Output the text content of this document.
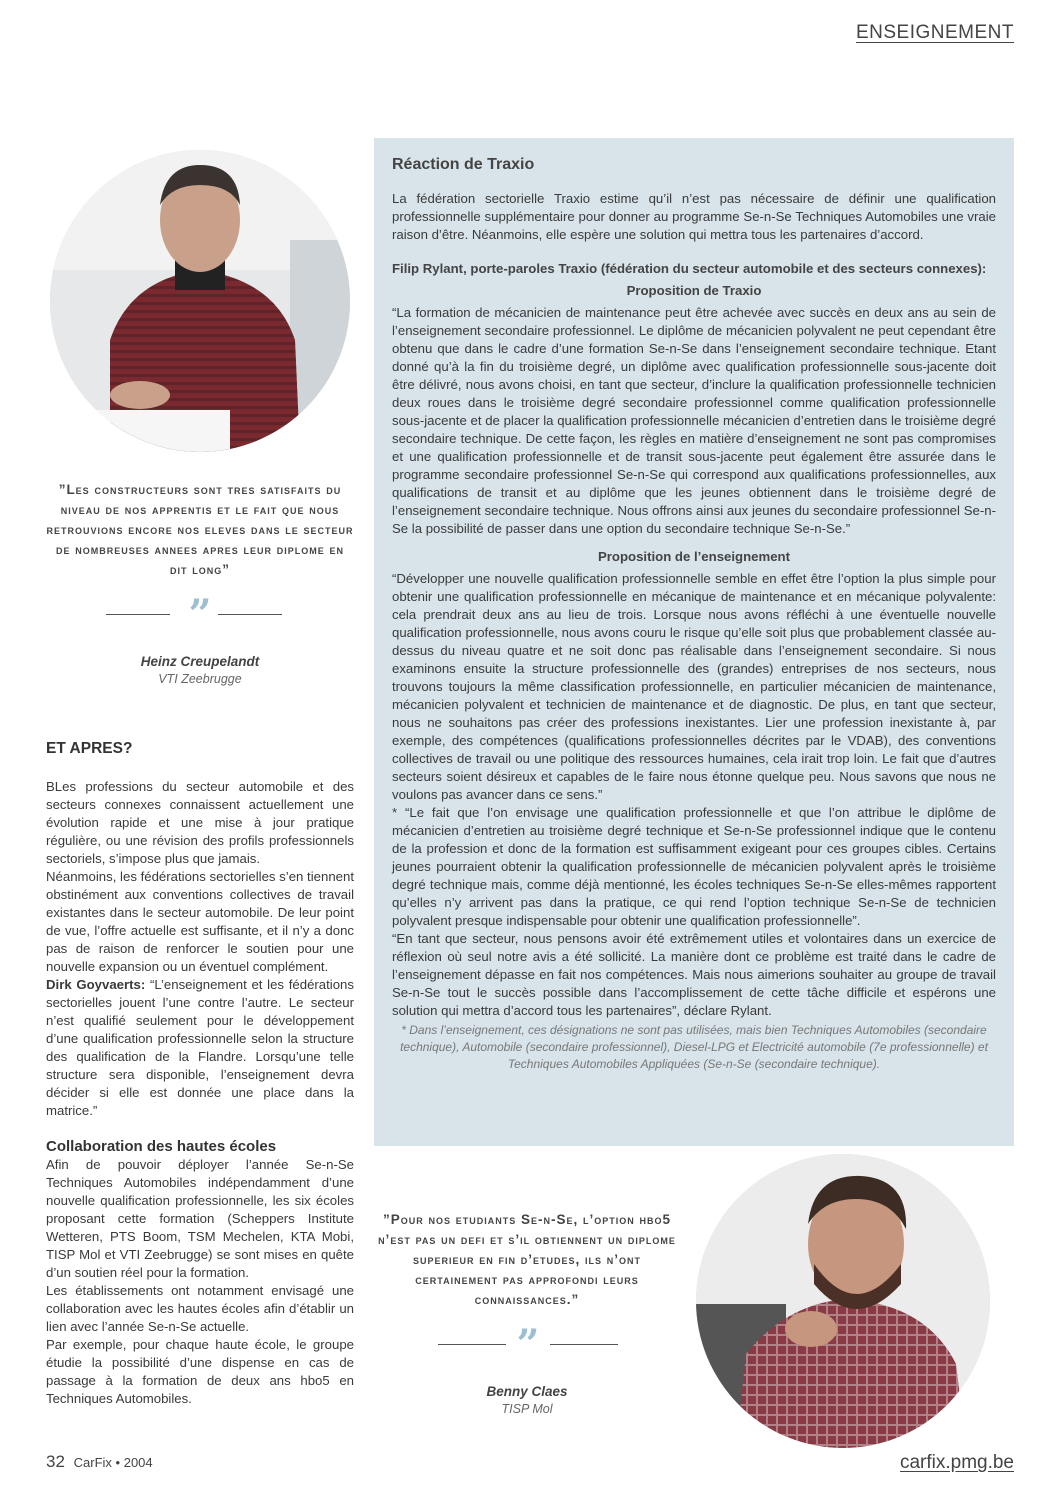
ENSEIGNEMENT
”Les constructeurs sont tres satisfaits du niveau de nos apprentis et le fait que nous retrouvions encore nos eleves dans le secteur de nombreuses annees apres leur diplome en dit long”
”
Heinz Creupelandt
VTI Zeebrugge
ET APRES?

BLes professions du secteur automobile et des secteurs connexes connaissent actuellement une évolution rapide et une mise à jour pratique régulière, ou une révision des profils professionnels sectoriels, s’impose plus que jamais.

Néanmoins, les fédérations sectorielles s’en tiennent obstinément aux conventions collectives de travail existantes dans le secteur automobile. De leur point de vue, l’offre actuelle est suffisante, et il n’y a donc pas de raison de renforcer le soutien pour une nouvelle expansion ou un éventuel complément.

Dirk Goyvaerts: “L’enseignement et les fédérations sectorielles jouent l’une contre l’autre. Le secteur n’est qualifié seulement pour le développement d’une qualification professionnelle selon la structure des qualification de la Flandre. Lorsqu’une telle structure sera disponible, l’enseignement devra décider si elle est donnée une place dans la matrice.”

Collaboration des hautes écoles

Afin de pouvoir déployer l’année Se-n-Se Techniques Automobiles indépendamment d’une nouvelle qualification professionnelle, les six écoles proposant cette formation (Scheppers Institute Wetteren, PTS Boom, TSM Mechelen, KTA Mobi, TISP Mol et VTI Zeebrugge) se sont mises en quête d’un soutien réel pour la formation.

Les établissements ont notamment envisagé une collaboration avec les hautes écoles afin d’établir un lien avec l’année Se-n-Se actuelle.

Par exemple, pour chaque haute école, le groupe étudie la possibilité d’une dispense en cas de passage à la formation de deux ans hbo5 en Techniques Automobiles.

Réaction de Traxio

La fédération sectorielle Traxio estime qu’il n’est pas nécessaire de définir une qualification professionnelle supplémentaire pour donner au programme Se-n-Se Techniques Automobiles une vraie raison d’être. Néanmoins, elle espère une solution qui mettra tous les partenaires d’accord.

Filip Rylant, porte-paroles Traxio (fédération du secteur automobile et des secteurs connexes):

Proposition de Traxio

“La formation de mécanicien de maintenance peut être achevée avec succès en deux ans au sein de l’enseignement secondaire professionnel. Le diplôme de mécanicien polyvalent ne peut cependant être obtenu que dans le cadre d’une formation Se-n-Se dans l’enseignement secondaire technique. Etant donné qu’à la fin du troisième degré, un diplôme avec qualification professionnelle sous-jacente doit être délivré, nous avons choisi, en tant que secteur, d’inclure la qualification professionnelle technicien deux roues dans le troisième degré secondaire professionnel comme qualification professionnelle sous-jacente et de placer la qualification professionnelle mécanicien d’entretien dans le troisième degré secondaire technique. De cette façon, les règles en matière d’enseignement ne sont pas compromises et une qualification professionnelle et de transit sous-jacente peut également être assurée dans le programme secondaire professionnel Se-n-Se qui correspond aux qualifications professionnelles, aux qualifications de transit et au diplôme que les jeunes obtiennent dans le troisième degré de l’enseignement secondaire technique. Nous offrons ainsi aux jeunes du secondaire professionnel Se-n-Se la possibilité de passer dans une option du secondaire technique Se-n-Se.”

Proposition de l’enseignement

“Développer une nouvelle qualification professionnelle semble en effet être l’option la plus simple pour obtenir une qualification professionnelle en mécanique de maintenance et en mécanique polyvalente: cela prendrait deux ans au lieu de trois. Lorsque nous avons réfléchi à une éventuelle nouvelle qualification professionnelle, nous avons couru le risque qu’elle soit plus que probablement classée au-dessus du niveau quatre et ne soit donc pas réalisable dans l’enseignement secondaire. Si nous examinons ensuite la structure professionnelle des (grandes) entreprises de nos secteurs, nous trouvons toujours la même classification professionnelle, en particulier mécanicien de maintenance, mécanicien polyvalent et technicien de maintenance et de diagnostic. De plus, en tant que secteur, nous ne souhaitons pas créer des professions inexistantes. Lier une profession inexistante à, par exemple, des compétences (qualifications professionnelles décrites par le VDAB), des conventions collectives de travail ou une politique des ressources humaines, cela irait trop loin. Le fait que d’autres secteurs soient désireux et capables de le faire nous étonne quelque peu. Nous savons que nous ne voulons pas avancer dans ce sens.”

* “Le fait que l’on envisage une qualification professionnelle et que l’on attribue le diplôme de mécanicien d’entretien au troisième degré technique et Se-n-Se professionnel indique que le contenu de la profession et donc de la formation est suffisamment exigeant pour ces groupes cibles. Certains jeunes pourraient obtenir la qualification professionnelle de mécanicien polyvalent après le troisième degré technique mais, comme déjà mentionné, les écoles techniques Se-n-Se elles-mêmes rapportent qu’elles n’y arrivent pas dans la pratique, ce qui rend l’option technique Se-n-Se de technicien polyvalent presque indispensable pour obtenir une qualification professionnelle”.

“En tant que secteur, nous pensons avoir été extrêmement utiles et volontaires dans un exercice de réflexion où seul notre avis a été sollicité. La manière dont ce problème est traité dans le cadre de l’enseignement dépasse en fait nos compétences. Mais nous aimerions souhaiter au groupe de travail Se-n-Se tout le succès possible dans l’accomplissement de cette tâche difficile et espérons une solution qui mettra d’accord tous les partenaires”, déclare Rylant.

* Dans l’enseignement, ces désignations ne sont pas utilisées, mais bien Techniques Automobiles (secondaire technique), Automobile (secondaire professionnel), Diesel-LPG et Electricité automobile (7e professionnelle) et Techniques Automobiles Appliquées (Se-n-Se (secondaire technique).

”Pour nos etudiants Se-n-Se, l’option hbo5 n’est pas un defi et s’il obtiennent un diplome superieur en fin d’etudes, ils n’ont certainement pas approfondi leurs connaissances.”
”
Benny Claes
TISP Mol
32 CarFix • 2004	carfix.pmg.be
